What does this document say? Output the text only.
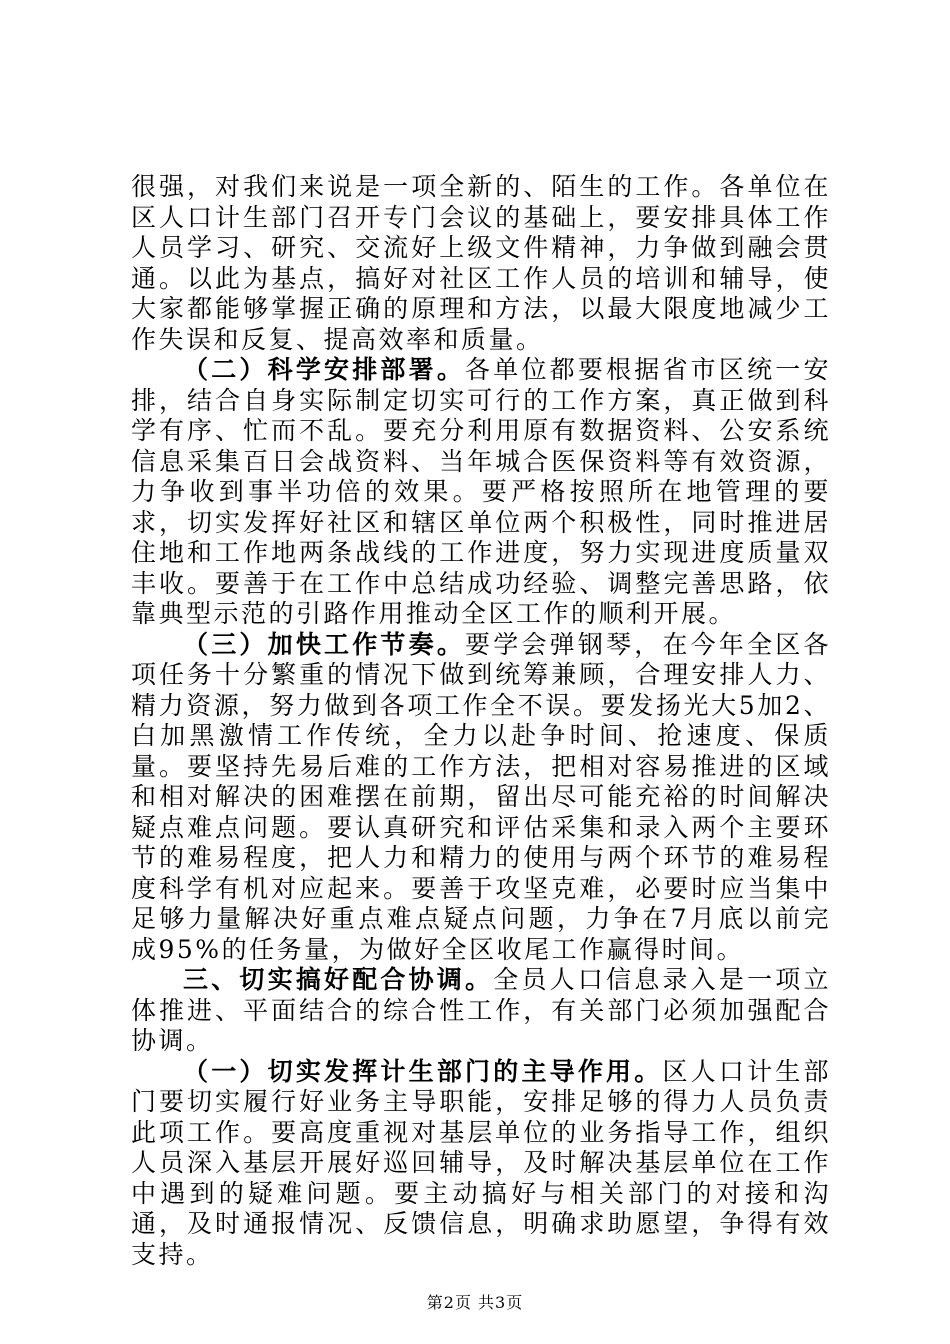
很强，对我们来说是一项全新的、陌生的工作。各单位在区人口计生部门召开专门会议的基础上，要安排具体工作人员学习、研究、交流好上级文件精神，力争做到融会贯通。以此为基点，搞好对社区工作人员的培训和辅导，使大家都能够掌握正确的原理和方法，以最大限度地减少工作失误和反复、提高效率和质量。

（二）科学安排部署。各单位都要根据省市区统一安排，结合自身实际制定切实可行的工作方案，真正做到科学有序、忙而不乱。要充分利用原有数据资料、公安系统信息采集百日会战资料、当年城合医保资料等有效资源，力争收到事半功倍的效果。要严格按照所在地管理的要求，切实发挥好社区和辖区单位两个积极性，同时推进居住地和工作地两条战线的工作进度，努力实现进度质量双丰收。要善于在工作中总结成功经验、调整完善思路，依靠典型示范的引路作用推动全区工作的顺利开展。

（三）加快工作节奏。要学会弹钢琴，在今年全区各项任务十分繁重的情况下做到统筹兼顾，合理安排人力、精力资源，努力做到各项工作全不误。要发扬光大5加2、白加黑激情工作传统，全力以赴争时间、抢速度、保质量。要坚持先易后难的工作方法，把相对容易推进的区域和相对解决的困难摆在前期，留出尽可能充裕的时间解决疑点难点问题。要认真研究和评估采集和录入两个主要环节的难易程度，把人力和精力的使用与两个环节的难易程度科学有机对应起来。要善于攻坚克难，必要时应当集中足够力量解决好重点难点疑点问题，力争在7月底以前完成95%的任务量，为做好全区收尾工作赢得时间。

三、切实搞好配合协调。全员人口信息录入是一项立体推进、平面结合的综合性工作，有关部门必须加强配合协调。

（一）切实发挥计生部门的主导作用。区人口计生部门要切实履行好业务主导职能，安排足够的得力人员负责此项工作。要高度重视对基层单位的业务指导工作，组织人员深入基层开展好巡回辅导，及时解决基层单位在工作中遇到的疑难问题。要主动搞好与相关部门的对接和沟通，及时通报情况、反馈信息，明确求助愿望，争得有效支持。

第2页 共3页
